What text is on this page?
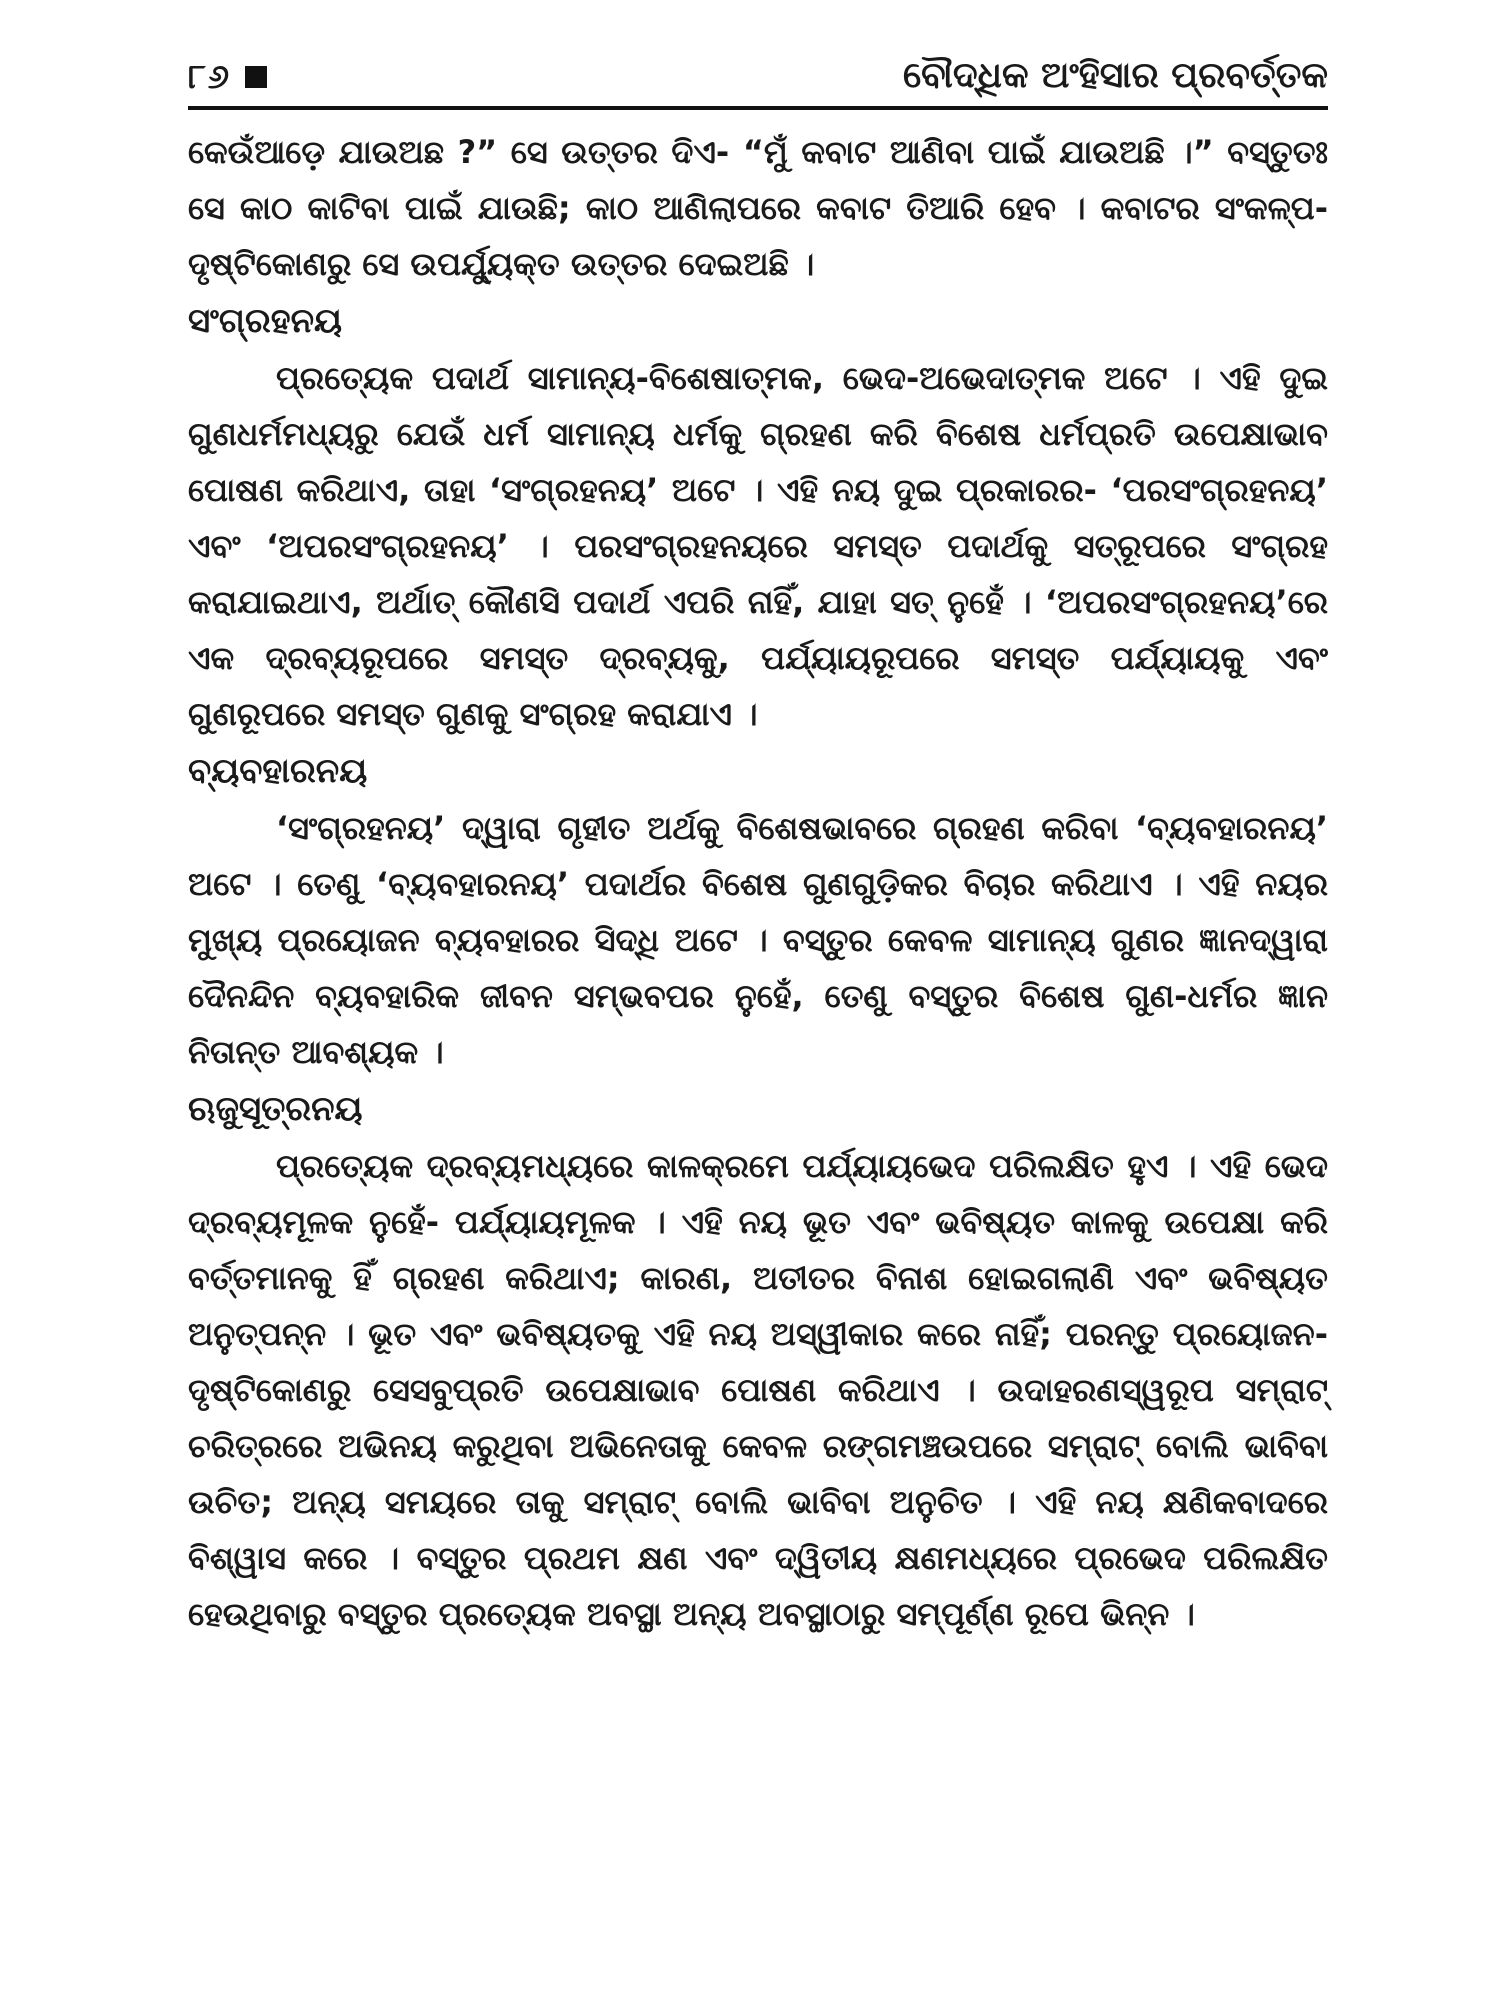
୮୬	ବୌଦ୍ଧିକ ଅଂହିସାର ପ୍ରବର୍ତ୍ତକ

କେଉଁଆଡ଼େ ଯାଉଅଛ ?” ସେ ଉତ୍ତର ଦିଏ- “ମୁଁ କବାଟ ଆଣିବା ପାଇଁ ଯାଉଅଛି ।” ବସ୍ତୁତଃ ସେ କାଠ କାଟିବା ପାଇଁ ଯାଉଛି; କାଠ ଆଣିଲାପରେ କବାଟ ତିଆରି ହେବ । କବାଟର ସଂକଳ୍ପ-ଦୃଷ୍ଟିକୋଣରୁ ସେ ଉପର୍ଯ୍ୟୁକ୍ତ ଉତ୍ତର ଦେଇଅଛି ।

ସଂଗ୍ରହନୟ

ପ୍ରତ୍ୟେକ ପଦାର୍ଥ ସାମାନ୍ୟ-ବିଶେଷାତ୍ମକ, ଭେଦ-ଅଭେଦାତ୍ମକ ଅଟେ । ଏହି ଦୁଇ ଗୁଣଧର୍ମମଧ୍ୟରୁ ଯେଉଁ ଧର୍ମ ସାମାନ୍ୟ ଧର୍ମକୁ ଗ୍ରହଣ କରି ବିଶେଷ ଧର୍ମପ୍ରତି ଉପେକ୍ଷାଭାବ ପୋଷଣ କରିଥାଏ, ତାହା ‘ସଂଗ୍ରହନୟ’ ଅଟେ । ଏହି ନୟ ଦୁଇ ପ୍ରକାରର- ‘ପରସଂଗ୍ରହନୟ’ ଏବଂ ‘ଅପରସଂଗ୍ରହନୟ’ । ପରସଂଗ୍ରହନୟରେ ସମସ୍ତ ପଦାର୍ଥକୁ ସତ୍‌ରୂପରେ ସଂଗ୍ରହ କରାଯାଇଥାଏ, ଅର୍ଥାତ୍ କୌଣସି ପଦାର୍ଥ ଏପରି ନାହିଁ, ଯାହା ସତ୍ ନୁହେଁ । ‘ଅପରସଂଗ୍ରହନୟ’ରେ ଏକ ଦ୍ରବ୍ୟରୂପରେ ସମସ୍ତ ଦ୍ରବ୍ୟକୁ, ପର୍ଯ୍ୟାୟରୂପରେ ସମସ୍ତ ପର୍ଯ୍ୟାୟକୁ ଏବଂ ଗୁଣରୂପରେ ସମସ୍ତ ଗୁଣକୁ ସଂଗ୍ରହ କରାଯାଏ ।

ବ୍ୟବହାରନୟ

‘ସଂଗ୍ରହନୟ’ ଦ୍ୱାରା ଗୃହୀତ ଅର୍ଥକୁ ବିଶେଷଭାବରେ ଗ୍ରହଣ କରିବା ‘ବ୍ୟବହାରନୟ’ ଅଟେ । ତେଣୁ ‘ବ୍ୟବହାରନୟ’ ପଦାର୍ଥର ବିଶେଷ ଗୁଣଗୁଡ଼ିକର ବିଚାର କରିଥାଏ । ଏହି ନୟର ମୁଖ୍ୟ ପ୍ରୟୋଜନ ବ୍ୟବହାରର ସିଦ୍ଧି ଅଟେ । ବସ୍ତୁର କେବଳ ସାମାନ୍ୟ ଗୁଣର ଜ୍ଞାନଦ୍ୱାରା ଦୈନନ୍ଦିନ ବ୍ୟବହାରିକ ଜୀବନ ସମ୍ଭବପର ନୁହେଁ, ତେଣୁ ବସ୍ତୁର ବିଶେଷ ଗୁଣ-ଧର୍ମର ଜ୍ଞାନ ନିତାନ୍ତ ଆବଶ୍ୟକ ।

ଋଜୁସୂତ୍ରନୟ

ପ୍ରତ୍ୟେକ ଦ୍ରବ୍ୟମଧ୍ୟରେ କାଳକ୍ରମେ ପର୍ଯ୍ୟାୟଭେଦ ପରିଲକ୍ଷିତ ହୁଏ । ଏହି ଭେଦ ଦ୍ରବ୍ୟମୂଳକ ନୁହେଁ- ପର୍ଯ୍ୟାୟମୂଳକ । ଏହି ନୟ ଭୂତ ଏବଂ ଭବିଷ୍ୟତ କାଳକୁ ଉପେକ୍ଷା କରି ବର୍ତ୍ତମାନକୁ ହିଁ ଗ୍ରହଣ କରିଥାଏ; କାରଣ, ଅତୀତର ବିନାଶ ହୋଇଗଲାଣି ଏବଂ ଭବିଷ୍ୟତ ଅନୁତ୍ପନ୍ନ । ଭୂତ ଏବଂ ଭବିଷ୍ୟତକୁ ଏହି ନୟ ଅସ୍ୱୀକାର କରେ ନାହିଁ; ପରନ୍ତୁ ପ୍ରୟୋଜନ-ଦୃଷ୍ଟିକୋଣରୁ ସେସବୁପ୍ରତି ଉପେକ୍ଷାଭାବ ପୋଷଣ କରିଥାଏ । ଉଦାହରଣସ୍ୱରୂପ ସମ୍ରାଟ୍ ଚରିତ୍ରରେ ଅଭିନୟ କରୁଥିବା ଅଭିନେତାକୁ କେବଳ ରଙ୍ଗମଞ୍ଚଉପରେ ସମ୍ରାଟ୍ ବୋଲି ଭାବିବା ଉଚିତ; ଅନ୍ୟ ସମୟରେ ତାକୁ ସମ୍ରାଟ୍ ବୋଲି ଭାବିବା ଅନୁଚିତ । ଏହି ନୟ କ୍ଷଣିକବାଦରେ ବିଶ୍ୱାସ କରେ । ବସ୍ତୁର ପ୍ରଥମ କ୍ଷଣ ଏବଂ ଦ୍ୱିତୀୟ କ୍ଷଣମଧ୍ୟରେ ପ୍ରଭେଦ ପରିଲକ୍ଷିତ ହେଉଥିବାରୁ ବସ୍ତୁର ପ୍ରତ୍ୟେକ ଅବସ୍ଥା ଅନ୍ୟ ଅବସ୍ଥାଠାରୁ ସମ୍ପୂର୍ଣ୍ଣ ରୂପେ ଭିନ୍ନ ।
